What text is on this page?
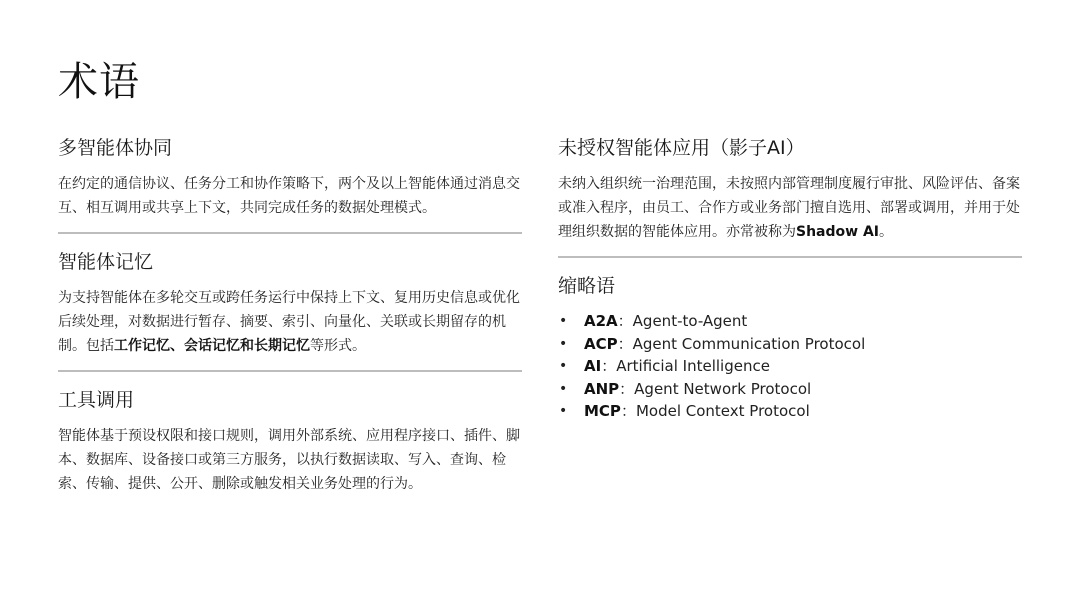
术语
多智能体协同

在约定的通信协议、任务分工和协作策略下，两个及以上智能体通过消息交互、相互调用或共享上下文，共同完成任务的数据处理模式。

智能体记忆

为支持智能体在多轮交互或跨任务运行中保持上下文、复用历史信息或优化后续处理，对数据进行暂存、摘要、索引、向量化、关联或长期留存的机制。包括工作记忆、会话记忆和长期记忆等形式。

工具调用

智能体基于预设权限和接口规则，调用外部系统、应用程序接口、插件、脚本、数据库、设备接口或第三方服务，以执行数据读取、写入、查询、检索、传输、提供、公开、删除或触发相关业务处理的行为。

未授权智能体应用（影子AI）

未纳入组织统一治理范围，未按照内部管理制度履行审批、风险评估、备案或准入程序，由员工、合作方或业务部门擅自选用、部署或调用，并用于处理组织数据的智能体应用。亦常被称为Shadow AI。

缩略语
• A2A：Agent-to-Agent
• ACP：Agent Communication Protocol
• AI：Artificial Intelligence
• ANP：Agent Network Protocol
• MCP：Model Context Protocol
